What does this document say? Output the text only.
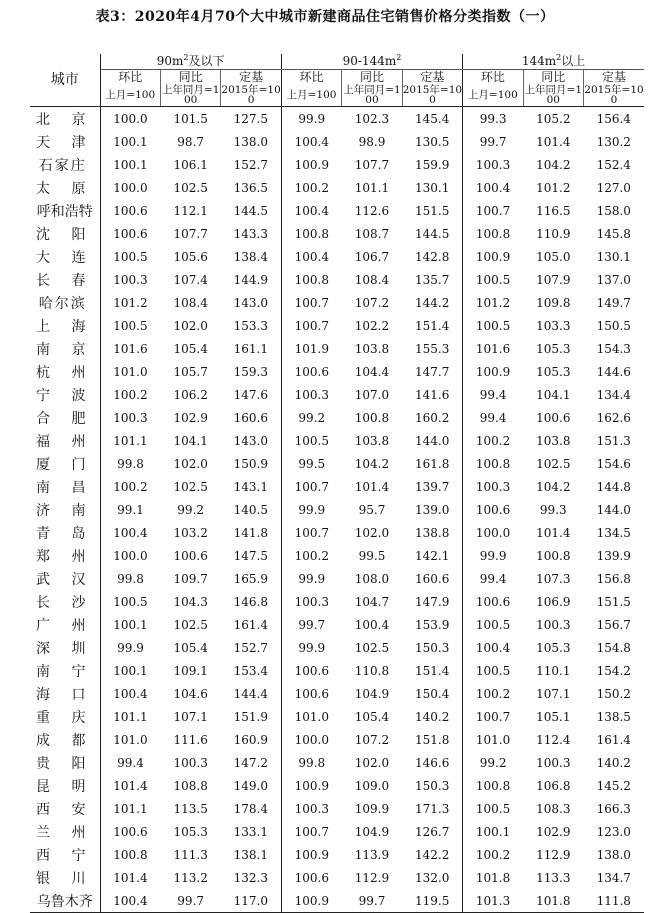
表3：2020年4月70个大中城市新建商品住宅销售价格分类指数（一）
城市	$90m^2$及以下			$90-144m^2$			$144m^2$以上		
	环比	同比	定基	环比	同比	定基	环比	同比	定基
	上月=100	上年同月=100	2015年=100	上月=100	上年同月=100	2015年=100	上月=100	上年同月=100	2015年=100
北京	100.0	101.5	127.5	99.9	102.3	145.4	99.3	105.2	156.4
天津	100.1	98.7	138.0	100.4	98.9	130.5	99.7	101.4	130.2
石家庄	100.1	106.1	152.7	100.9	107.7	159.9	100.3	104.2	152.4
太原	100.0	102.5	136.5	100.2	101.1	130.1	100.4	101.2	127.0
呼和浩特	100.6	112.1	144.5	100.4	112.6	151.5	100.7	116.5	158.0
沈阳	100.6	107.7	143.3	100.8	108.7	144.5	100.8	110.9	145.8
大连	100.5	105.6	138.4	100.4	106.7	142.8	100.9	105.0	130.1
长春	100.3	107.4	144.9	100.8	108.4	135.7	100.5	107.9	137.0
哈尔滨	101.2	108.4	143.0	100.7	107.2	144.2	101.2	109.8	149.7
上海	100.5	102.0	153.3	100.7	102.2	151.4	100.5	103.3	150.5
南京	101.6	105.4	161.1	101.9	103.8	155.3	101.6	105.3	154.3
杭州	101.0	105.7	159.3	100.6	104.4	147.7	100.9	105.3	144.6
宁波	100.2	106.2	147.6	100.3	107.0	141.6	99.4	104.1	134.4
合肥	100.3	102.9	160.6	99.2	100.8	160.2	99.4	100.6	162.6
福州	101.1	104.1	143.0	100.5	103.8	144.0	100.2	103.8	151.3
厦门	99.8	102.0	150.9	99.5	104.2	161.8	100.8	102.5	154.6
南昌	100.2	102.5	143.1	100.7	101.4	139.7	100.3	104.2	144.8
济南	99.1	99.2	140.5	99.9	95.7	139.0	100.6	99.3	144.0
青岛	100.4	103.2	141.8	100.7	102.0	138.8	100.0	101.4	134.5
郑州	100.0	100.6	147.5	100.2	99.5	142.1	99.9	100.8	139.9
武汉	99.8	109.7	165.9	99.9	108.0	160.6	99.4	107.3	156.8
长沙	100.5	104.3	146.8	100.3	104.7	147.9	100.6	106.9	151.5
广州	100.1	102.5	161.4	99.7	100.4	153.9	100.5	100.3	156.7
深圳	99.9	105.4	152.7	99.9	102.5	150.3	100.4	105.3	154.8
南宁	100.1	109.1	153.4	100.6	110.8	151.4	100.5	110.1	154.2
海口	100.4	104.6	144.4	100.6	104.9	150.4	100.2	107.1	150.2
重庆	101.1	107.1	151.9	101.0	105.4	140.2	100.7	105.1	138.5
成都	101.0	111.6	160.9	100.0	107.2	151.8	101.0	112.4	161.4
贵阳	99.4	100.3	147.2	99.8	102.0	146.6	99.2	100.3	140.2
昆明	101.4	108.8	149.0	100.9	109.0	150.3	100.8	106.8	145.2
西安	101.1	113.5	178.4	100.3	109.9	171.3	100.5	108.3	166.3
兰州	100.6	105.3	133.1	100.7	104.9	126.7	100.1	102.9	123.0
西宁	100.8	111.3	138.1	100.9	113.9	142.2	100.2	112.9	138.0
银川	101.4	113.2	132.3	100.6	112.9	132.0	101.8	113.3	134.7
乌鲁木齐	100.4	99.7	117.0	100.9	99.7	119.5	101.3	101.8	111.8
